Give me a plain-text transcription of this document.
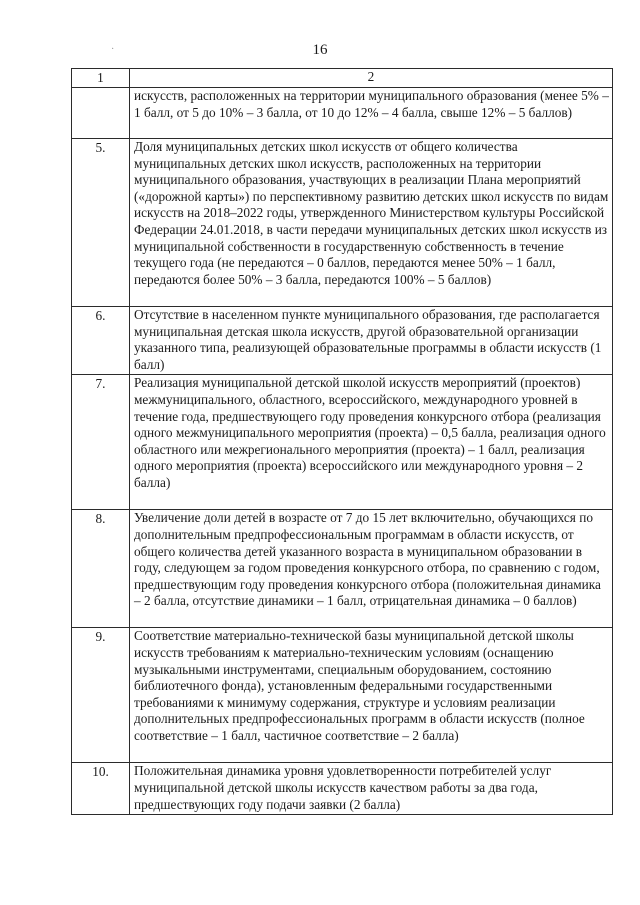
16
·
1	2
	искусств, расположенных на территории муниципального образования (менее 5% – 1 балл, от 5 до 10% – 3 балла, от 10 до 12% – 4 балла, свыше 12% – 5 баллов)
5.	Доля муниципальных детских школ искусств от общего количества муниципальных детских школ искусств, расположенных на территории муниципального образования, участвующих в реализации Плана мероприятий («дорожной карты») по перспективному развитию детских школ искусств по видам искусств на 2018–2022 годы, утвержденного Министерством культуры Российской Федерации 24.01.2018, в части передачи муниципальных детских школ искусств из муниципальной собственности в государственную собственность в течение текущего года (не передаются – 0 баллов, передаются менее 50% – 1 балл, передаются более 50% – 3 балла, передаются 100% – 5 баллов)
6.	Отсутствие в населенном пункте муниципального образования, где располагается муниципальная детская школа искусств, другой образовательной организации указанного типа, реализующей образовательные программы в области искусств (1 балл)
7.	Реализация муниципальной детской школой искусств мероприятий (проектов) межмуниципального, областного, всероссийского, международного уровней в течение года, предшествующего году проведения конкурсного отбора (реализация одного межмуниципального мероприятия (проекта) – 0,5 балла, реализация одного областного или межрегионального мероприятия (проекта) – 1 балл, реализация одного мероприятия (проекта) всероссийского или международного уровня – 2 балла)
8.	Увеличение доли детей в возрасте от 7 до 15 лет включительно, обучающихся по дополнительным предпрофессиональным программам в области искусств, от общего количества детей указанного возраста в муниципальном образовании в году, следующем за годом проведения конкурсного отбора, по сравнению с годом, предшествующим году проведения конкурсного отбора (положительная динамика – 2 балла, отсутствие динамики – 1 балл, отрицательная динамика – 0 баллов)
9.	Соответствие материально-технической базы муниципальной детской школы искусств требованиям к материально-техническим условиям (оснащению музыкальными инструментами, специальным оборудованием, состоянию библиотечного фонда), установленным федеральными государственными требованиями к минимуму содержания, структуре и условиям реализации дополнительных предпрофессиональных программ в области искусств (полное соответствие – 1 балл, частичное соответствие – 2 балла)
10.	Положительная динамика уровня удовлетворенности потребителей услуг муниципальной детской школы искусств качеством работы за два года, предшествующих году подачи заявки (2 балла)
